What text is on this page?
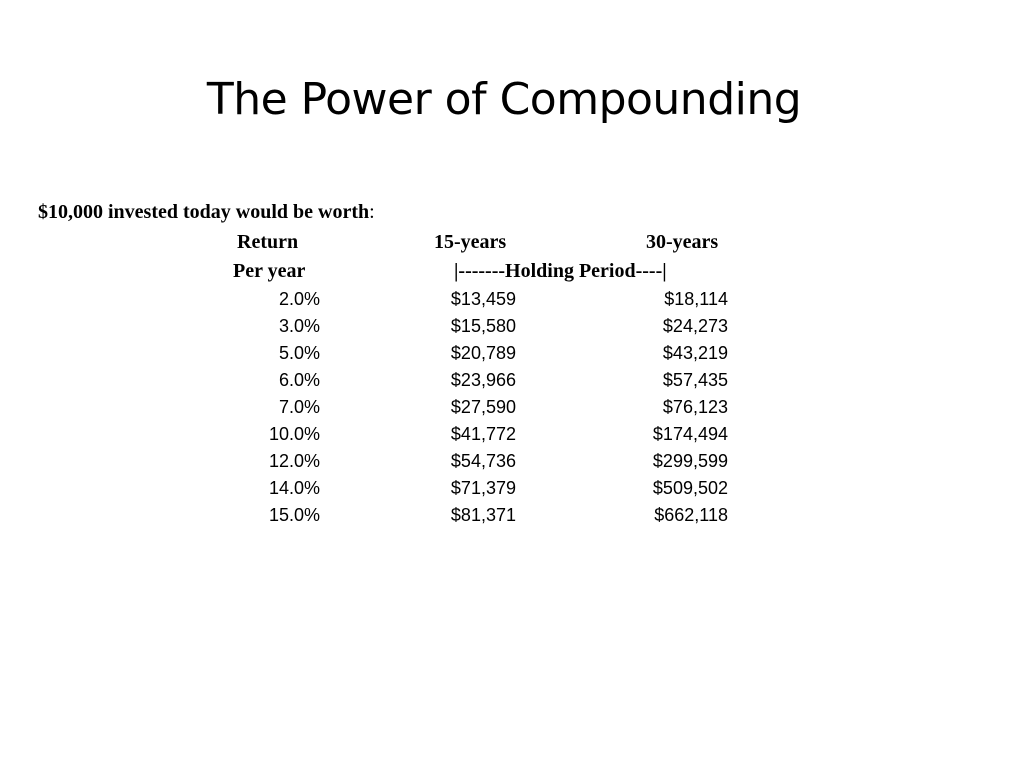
The Power of Compounding
$10,000 invested today would be worth:
Return	15-years	30-years
Per year	|-------Holding Period----|
2.0%	$13,459	$18,114
3.0%	$15,580	$24,273
5.0%	$20,789	$43,219
6.0%	$23,966	$57,435
7.0%	$27,590	$76,123
10.0%	$41,772	$174,494
12.0%	$54,736	$299,599
14.0%	$71,379	$509,502
15.0%	$81,371	$662,118
